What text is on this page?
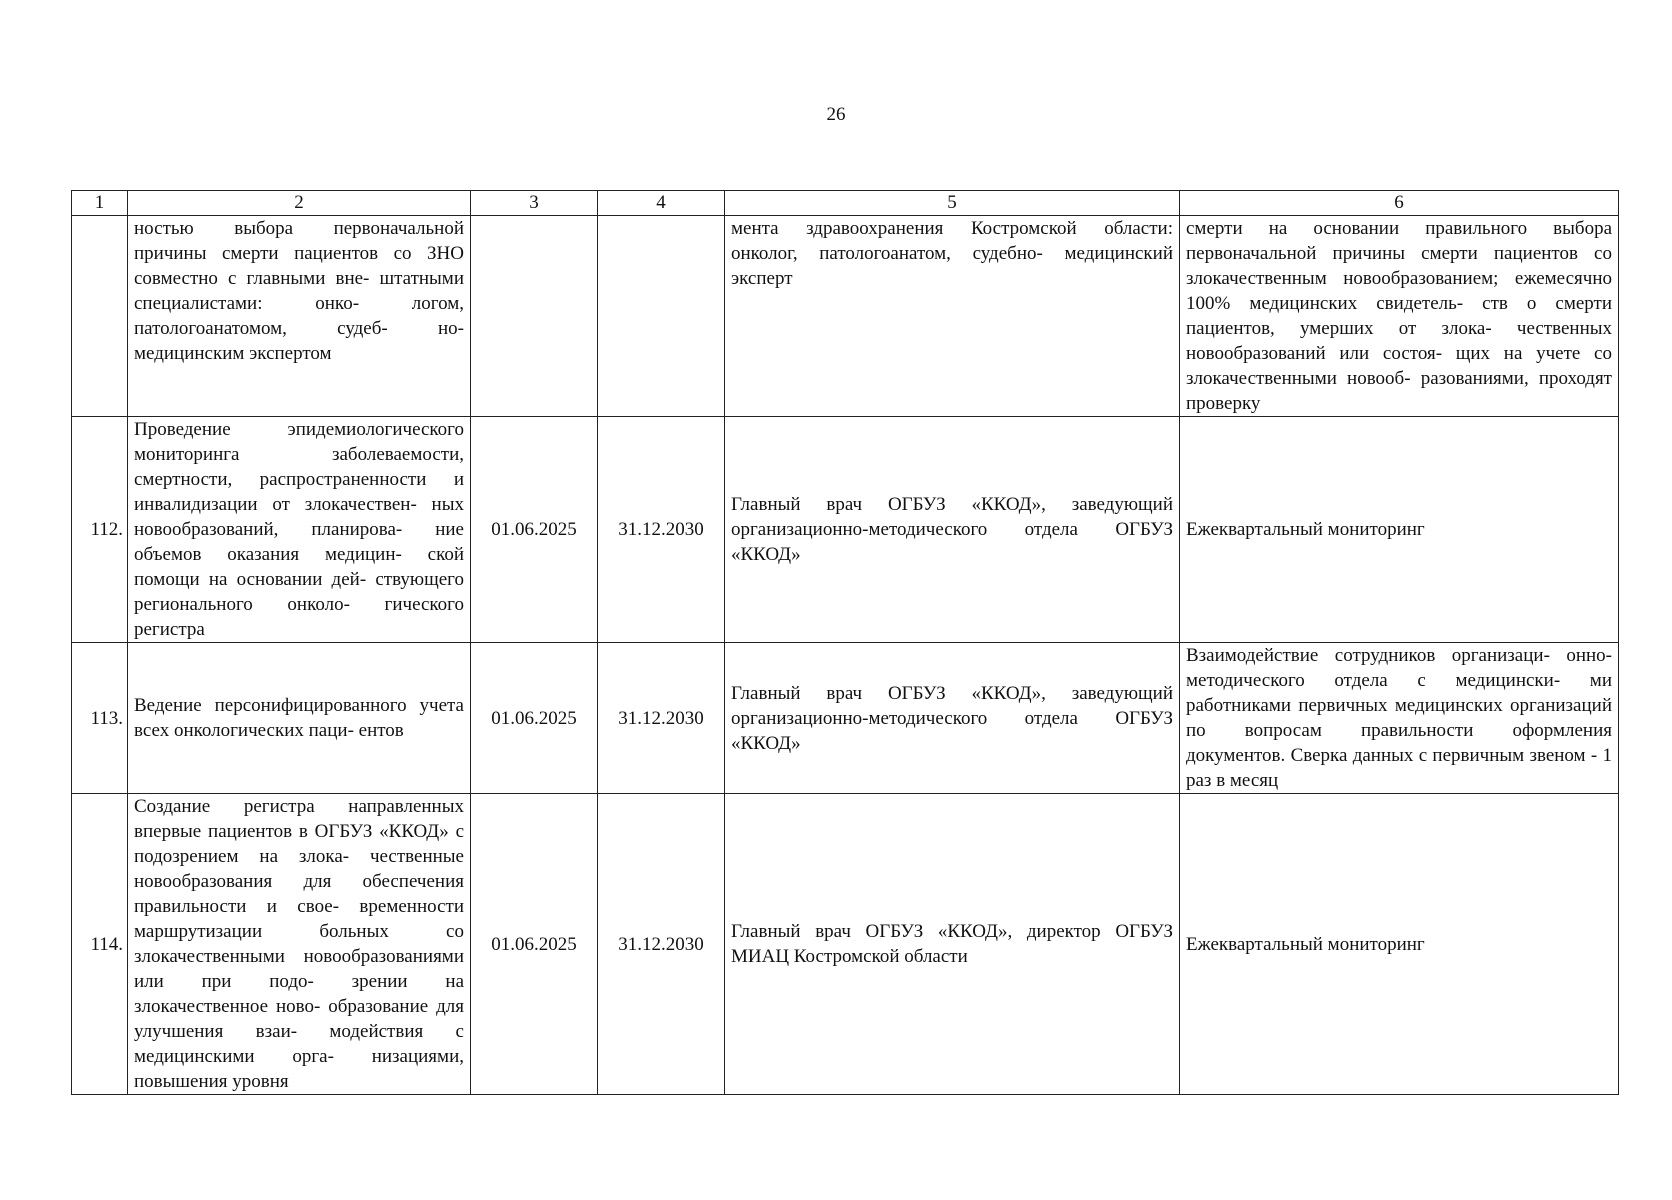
26
1	2	3	4	5	6
	ностью выбора первоначальной причины смерти пациентов со ЗНО совместно с главными вне- штатными специалистами: онко- логом, патологоанатомом, судеб- но-медицинским экспертом			мента здравоохранения Костромской области: онколог, патологоанатом, судебно- медицинский эксперт	смерти на основании правильного выбора первоначальной причины смерти пациентов со злокачественным новообразованием; ежемесячно 100% медицинских свидетель- ств о смерти пациентов, умерших от злока- чественных новообразований или состоя- щих на учете со злокачественными новооб- разованиями, проходят проверку
112.	Проведение эпидемиологического мониторинга заболеваемости, смертности, распространенности и инвалидизации от злокачествен- ных новообразований, планирова- ние объемов оказания медицин- ской помощи на основании дей- ствующего регионального онколо- гического регистра	01.06.2025	31.12.2030	Главный врач ОГБУЗ «ККОД», заведующий организационно-методического отдела ОГБУЗ «ККОД»	Ежеквартальный мониторинг
113.	Ведение персонифицированного учета всех онкологических паци- ентов	01.06.2025	31.12.2030	Главный врач ОГБУЗ «ККОД», заведующий организационно-методического отдела ОГБУЗ «ККОД»	Взаимодействие сотрудников организаци- онно-методического отдела с медицински- ми работниками первичных медицинских организаций по вопросам правильности оформления документов. Сверка данных с первичным звеном - 1 раз в месяц
114.	Создание регистра направленных впервые пациентов в ОГБУЗ «ККОД» с подозрением на злока- чественные новообразования для обеспечения правильности и свое- временности маршрутизации больных со злокачественными новообразованиями или при подо- зрении на злокачественное ново- образование для улучшения взаи- модействия с медицинскими орга- низациями, повышения уровня	01.06.2025	31.12.2030	Главный врач ОГБУЗ «ККОД», директор ОГБУЗ МИАЦ Костромской области	Ежеквартальный мониторинг
